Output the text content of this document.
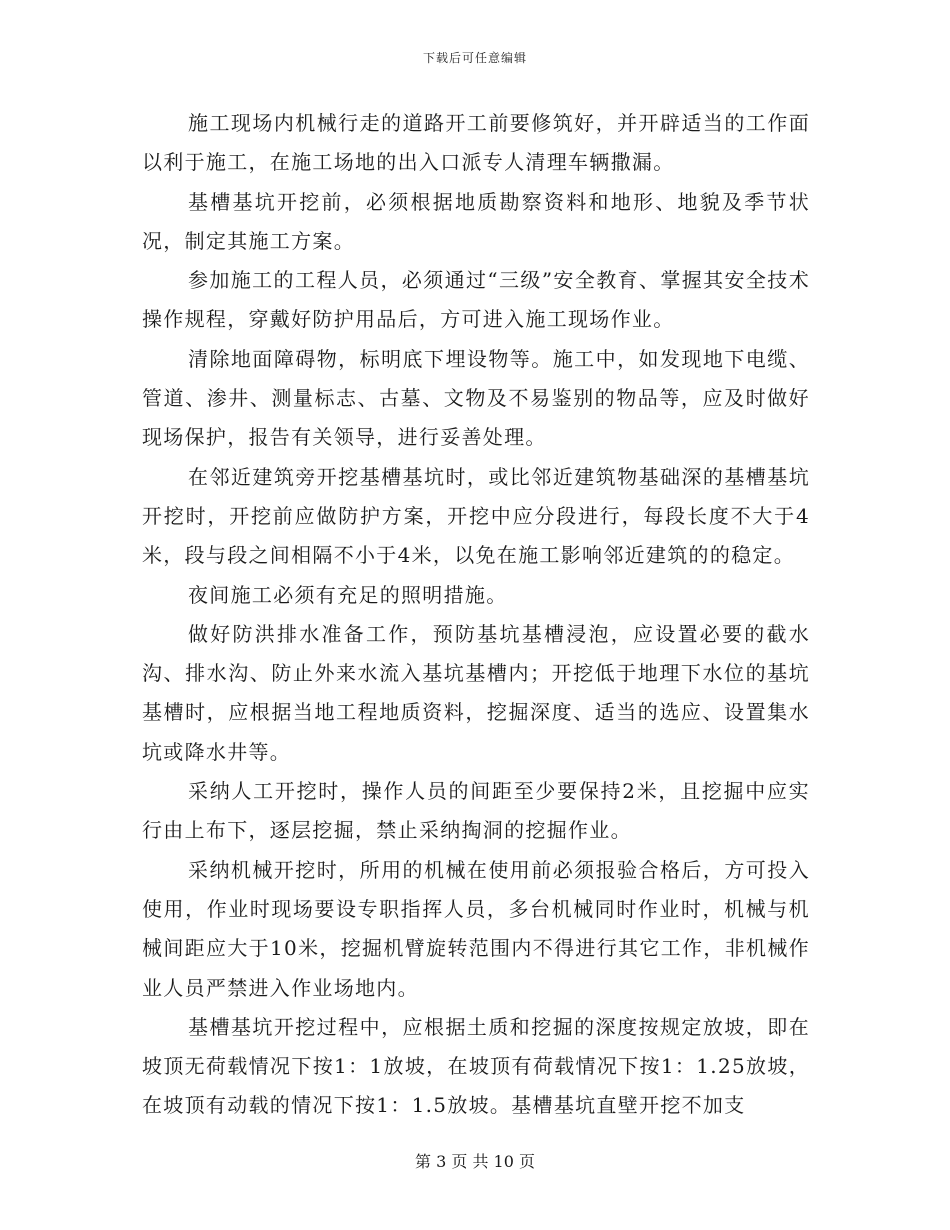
下载后可任意编辑

施工现场内机械行走的道路开工前要修筑好，并开辟适当的工作面以利于施工，在施工场地的出入口派专人清理车辆撒漏。

基槽基坑开挖前，必须根据地质勘察资料和地形、地貌及季节状况，制定其施工方案。

参加施工的工程人员，必须通过“三级”安全教育、掌握其安全技术操作规程，穿戴好防护用品后，方可进入施工现场作业。

清除地面障碍物，标明底下埋设物等。施工中，如发现地下电缆、管道、渗井、测量标志、古墓、文物及不易鉴别的物品等，应及时做好现场保护，报告有关领导，进行妥善处理。

在邻近建筑旁开挖基槽基坑时，或比邻近建筑物基础深的基槽基坑开挖时，开挖前应做防护方案，开挖中应分段进行，每段长度不大于4米，段与段之间相隔不小于4米，以免在施工影响邻近建筑的的稳定。

夜间施工必须有充足的照明措施。

做好防洪排水准备工作，预防基坑基槽浸泡，应设置必要的截水沟、排水沟、防止外来水流入基坑基槽内；开挖低于地理下水位的基坑基槽时，应根据当地工程地质资料，挖掘深度、适当的选应、设置集水坑或降水井等。

采纳人工开挖时，操作人员的间距至少要保持2米，且挖掘中应实行由上布下，逐层挖掘，禁止采纳掏洞的挖掘作业。

采纳机械开挖时，所用的机械在使用前必须报验合格后，方可投入使用，作业时现场要设专职指挥人员，多台机械同时作业时，机械与机械间距应大于10米，挖掘机臂旋转范围内不得进行其它工作，非机械作业人员严禁进入作业场地内。

基槽基坑开挖过程中，应根据土质和挖掘的深度按规定放坡，即在坡顶无荷载情况下按1：1放坡，在坡顶有荷载情况下按1：1.25放坡，在坡顶有动载的情况下按1：1.5放坡。基槽基坑直壁开挖不加支

第 3 页 共 10 页
